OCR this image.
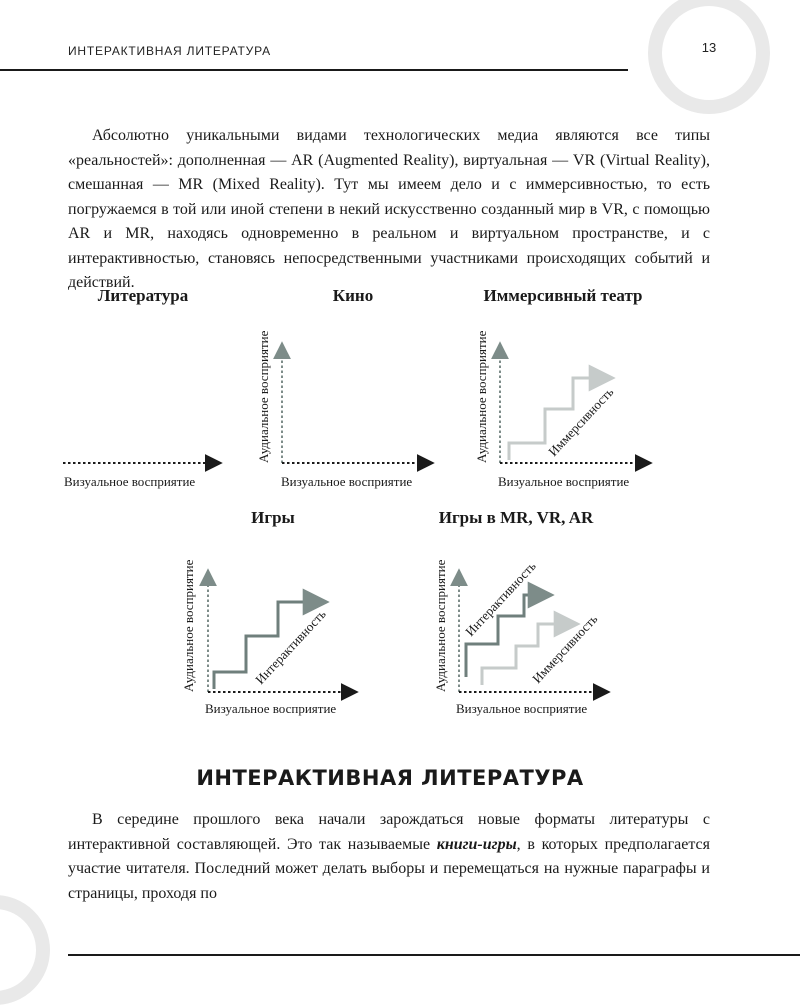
13
ИНТЕРАКТИВНАЯ ЛИТЕРАТУРА

Абсолютно уникальными видами технологических медиа являются все типы «реальностей»: дополненная — AR (Augmented Reality), виртуальная — VR (Virtual Reality), смешанная — MR (Mixed Reality). Тут мы имеем дело и с иммерсивностью, то есть погружаемся в той или иной степени в некий искусственно созданный мир в VR, с помощью AR и MR, находясь одновременно в реальном и виртуальном пространстве, и с интерактивностью, становясь непосредственными участниками происходящих событий и действий.

Литература
Визуальное восприятие
Кино
Аудиальное восприятие
Визуальное восприятие
Иммерсивный театр
Иммерсивность
Аудиальное восприятие
Визуальное восприятие
Игры
Интерактивность
Аудиальное восприятие
Визуальное восприятие
Игры в MR, VR, AR
Интерактивность
Иммерсивность
Аудиальное восприятие
Визуальное восприятие
ИНТЕРАКТИВНАЯ ЛИТЕРАТУРА

В середине прошлого века начали зарождаться новые форматы литературы с интерактивной составляющей. Это так называемые книги-игры, в которых предполагается участие читателя. Последний может делать выборы и перемещаться на нужные параграфы и страницы, проходя по
